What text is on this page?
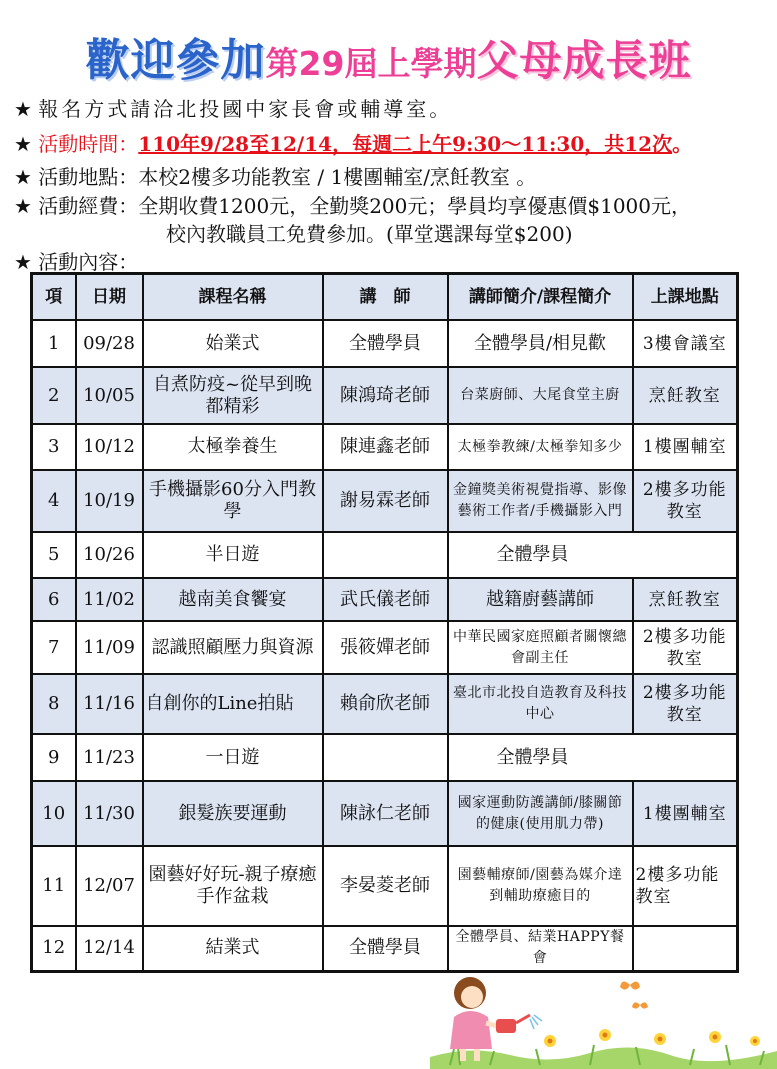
歡迎參加第29屆上學期父母成長班
★ 報名方式請洽北投國中家長會或輔導室。
★ 活動時間：110年9/28至12/14，每週二上午9:30～11:30，共12次。
★ 活動地點：本校2樓多功能教室 / 1樓團輔室/烹飪教室 。
★ 活動經費：全期收費1200元，全勤獎200元；學員均享優惠價$1000元，
校內教職員工免費參加。(單堂選課每堂$200)
★ 活動內容：
項	日期	課程名稱	講　師	講師簡介/課程簡介	上課地點
1	09/28	始業式	全體學員	全體學員/相見歡	3樓會議室
2	10/05	自煮防疫~從早到晚都精彩	陳鴻琦老師	台菜廚師、大尾食堂主廚	烹飪教室
3	10/12	太極拳養生	陳連鑫老師	太極拳教練/太極拳知多少	1樓團輔室
4	10/19	手機攝影60分入門教學	謝易霖老師	金鐘獎美術視覺指導、影像藝術工作者/手機攝影入門	2樓多功能教室
5	10/26	半日遊		全體學員	
6	11/02	越南美食饗宴	武氏儀老師	越籍廚藝講師	烹飪教室
7	11/09	認識照顧壓力與資源	張筱嬋老師	中華民國家庭照顧者關懷總會副主任	2樓多功能教室
8	11/16	自創你的Line拍貼	賴俞欣老師	臺北市北投自造教育及科技中心	2樓多功能教室
9	11/23	一日遊		全體學員	
10	11/30	銀髮族要運動	陳詠仁老師	國家運動防護講師/膝關節的健康(使用肌力帶)	1樓團輔室
11	12/07	園藝好好玩-親子療癒手作盆栽	李晏菱老師	園藝輔療師/園藝為媒介達到輔助療癒目的	2樓多功能教室
12	12/14	結業式	全體學員	全體學員、結業HAPPY餐會	
